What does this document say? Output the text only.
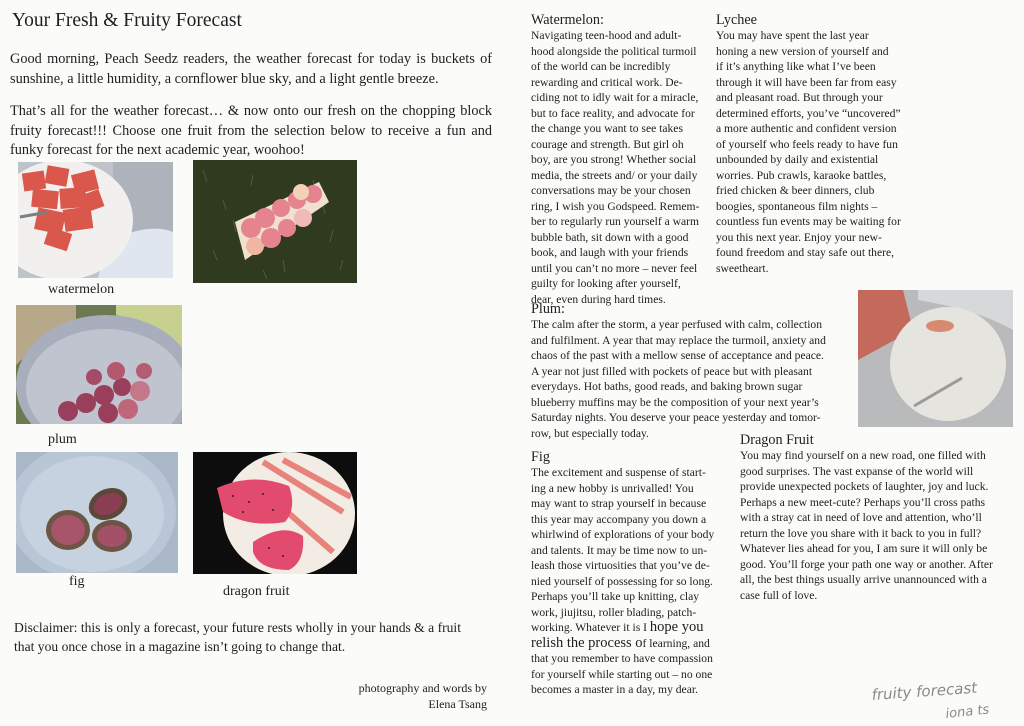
Your Fresh & Fruity Forecast
Good morning, Peach Seedz readers, the weather forecast for today is buckets of sunshine, a little humidity, a cornflower blue sky, and a light gentle breeze.
That’s all for the weather forecast… & now onto our fresh on the chopping block fruity forecast!!! Choose one fruit from the selection below to receive a fun and funky forecast for the next academic year, woohoo!
watermelon
plum
fig
dragon fruit
Disclaimer: this is only a forecast, your future rests wholly in your hands & a fruit that you once chose in a magazine isn’t going to change that.
photography and words by
Elena Tsang
Watermelon:
Navigating teen-hood and adult-
hood alongside the political turmoil
of the world can be incredibly
rewarding and critical work. De-
ciding not to idly wait for a miracle,
but to face reality, and advocate for
the change you want to see takes
courage and strength. But girl oh
boy, are you strong! Whether social
media, the streets and/ or your daily
conversations may be your chosen
ring, I wish you Godspeed. Remem-
ber to regularly run yourself a warm
bubble bath, sit down with a good
book, and laugh with your friends
until you can’t no more – never feel
guilty for looking after yourself,
dear, even during hard times.
Lychee
You may have spent the last year
honing a new version of yourself and
if it’s anything like what I’ve been
through it will have been far from easy
and pleasant road. But through your
determined efforts, you’ve “uncovered”
a more authentic and confident version
of yourself who feels ready to have fun
unbounded by daily and existential
worries. Pub crawls, karaoke battles,
fried chicken & beer dinners, club
boogies, spontaneous film nights –
countless fun events may be waiting for
you this next year. Enjoy your new-
found freedom and stay safe out there,
sweetheart.
Plum:
The calm after the storm, a year perfused with calm, collection
and fulfilment. A year that may replace the turmoil, anxiety and
chaos of the past with a mellow sense of acceptance and peace.
A year not just filled with pockets of peace but with pleasant
everydays. Hot baths, good reads, and baking brown sugar
blueberry muffins may be the composition of your next year’s
Saturday nights. You deserve your peace yesterday and tomor-
row, but especially today.
Fig
The excitement and suspense of start-
ing a new hobby is unrivalled! You
may want to strap yourself in because
this year may accompany you down a
whirlwind of explorations of your body
and talents. It may be time now to un-
leash those virtuosities that you’ve de-
nied yourself of possessing for so long.
Perhaps you’ll take up knitting, clay
work, jiujitsu, roller blading, patch-
working. Whatever it is I hope you
relish the process of learning, and
that you remember to have compassion
for yourself while starting out – no one
becomes a master in a day, my dear.
Dragon Fruit
You may find yourself on a new road, one filled with
good surprises. The vast expanse of the world will
provide unexpected pockets of laughter, joy and luck.
Perhaps a new meet-cute? Perhaps you’ll cross paths
with a stray cat in need of love and attention, who’ll
return the love you share with it back to you in full?
Whatever lies ahead for you, I am sure it will only be
good. You’ll forge your path one way or another. After
all, the best things usually arrive unannounced with a
case full of love.
fruity forecast
iona ts
